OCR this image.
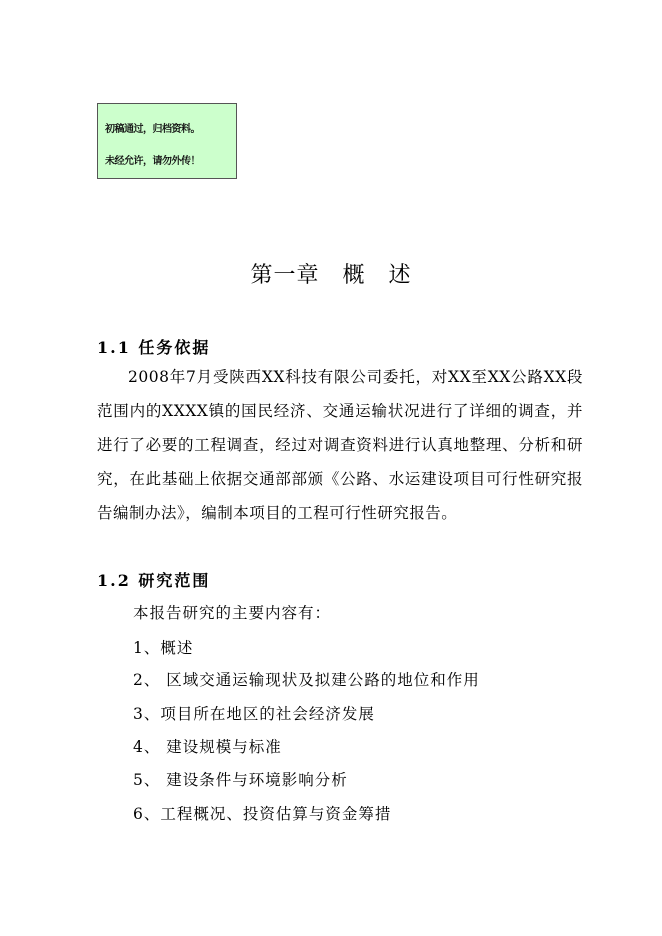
初稿通过，归档资料。
未经允许，请勿外传！
第一章　概　述
1.1 任务依据

2008年7月受陕西XX科技有限公司委托，对XX至XX公路XX段范围内的XXXX镇的国民经济、交通运输状况进行了详细的调查，并进行了必要的工程调查，经过对调查资料进行认真地整理、分析和研究，在此基础上依据交通部部颁《公路、水运建设项目可行性研究报告编制办法》，编制本项目的工程可行性研究报告。

1.2 研究范围
本报告研究的主要内容有：
1、概述
2、 区域交通运输现状及拟建公路的地位和作用
3、项目所在地区的社会经济发展
4、 建设规模与标准
5、 建设条件与环境影响分析
6、工程概况、投资估算与资金筹措
